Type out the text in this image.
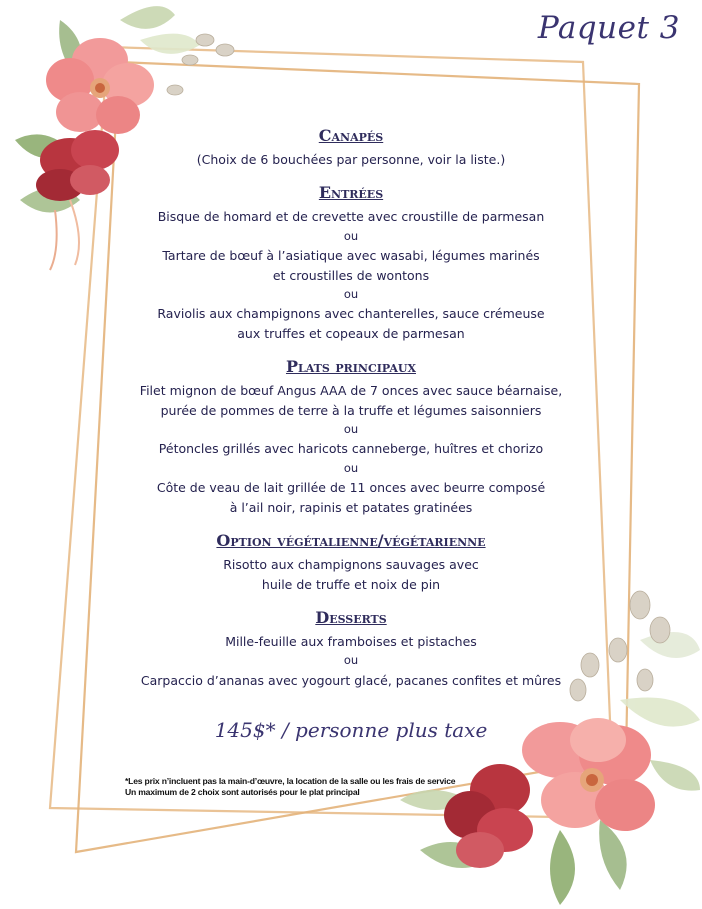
Paquet 3
Canapés
(Choix de 6 bouchées par personne, voir la liste.)
Entrées
Bisque de homard et de crevette avec croustille de parmesan
ou
Tartare de bœuf à l’asiatique avec wasabi, légumes marinés
et croustilles de wontons
ou
Raviolis aux champignons avec chanterelles, sauce crémeuse
aux truffes et copeaux de parmesan
Plats principaux
Filet mignon de bœuf Angus AAA de 7 onces avec sauce béarnaise,
purée de pommes de terre à la truffe et légumes saisonniers
ou
Pétoncles grillés avec haricots canneberge, huîtres et chorizo
ou
Côte de veau de lait grillée de 11 onces avec beurre composé
à l’ail noir, rapinis et patates gratinées
Option végétalienne/végétarienne
Risotto aux champignons sauvages avec
huile de truffe et noix de pin
Desserts
Mille-feuille aux framboises et pistaches
ou
Carpaccio d’ananas avec yogourt glacé, pacanes confites et mûres
145$* / personne plus taxe
*Les prix n’incluent pas la main-d’œuvre, la location de la salle ou les frais de service
Un maximum de 2 choix sont autorisés pour le plat principal
